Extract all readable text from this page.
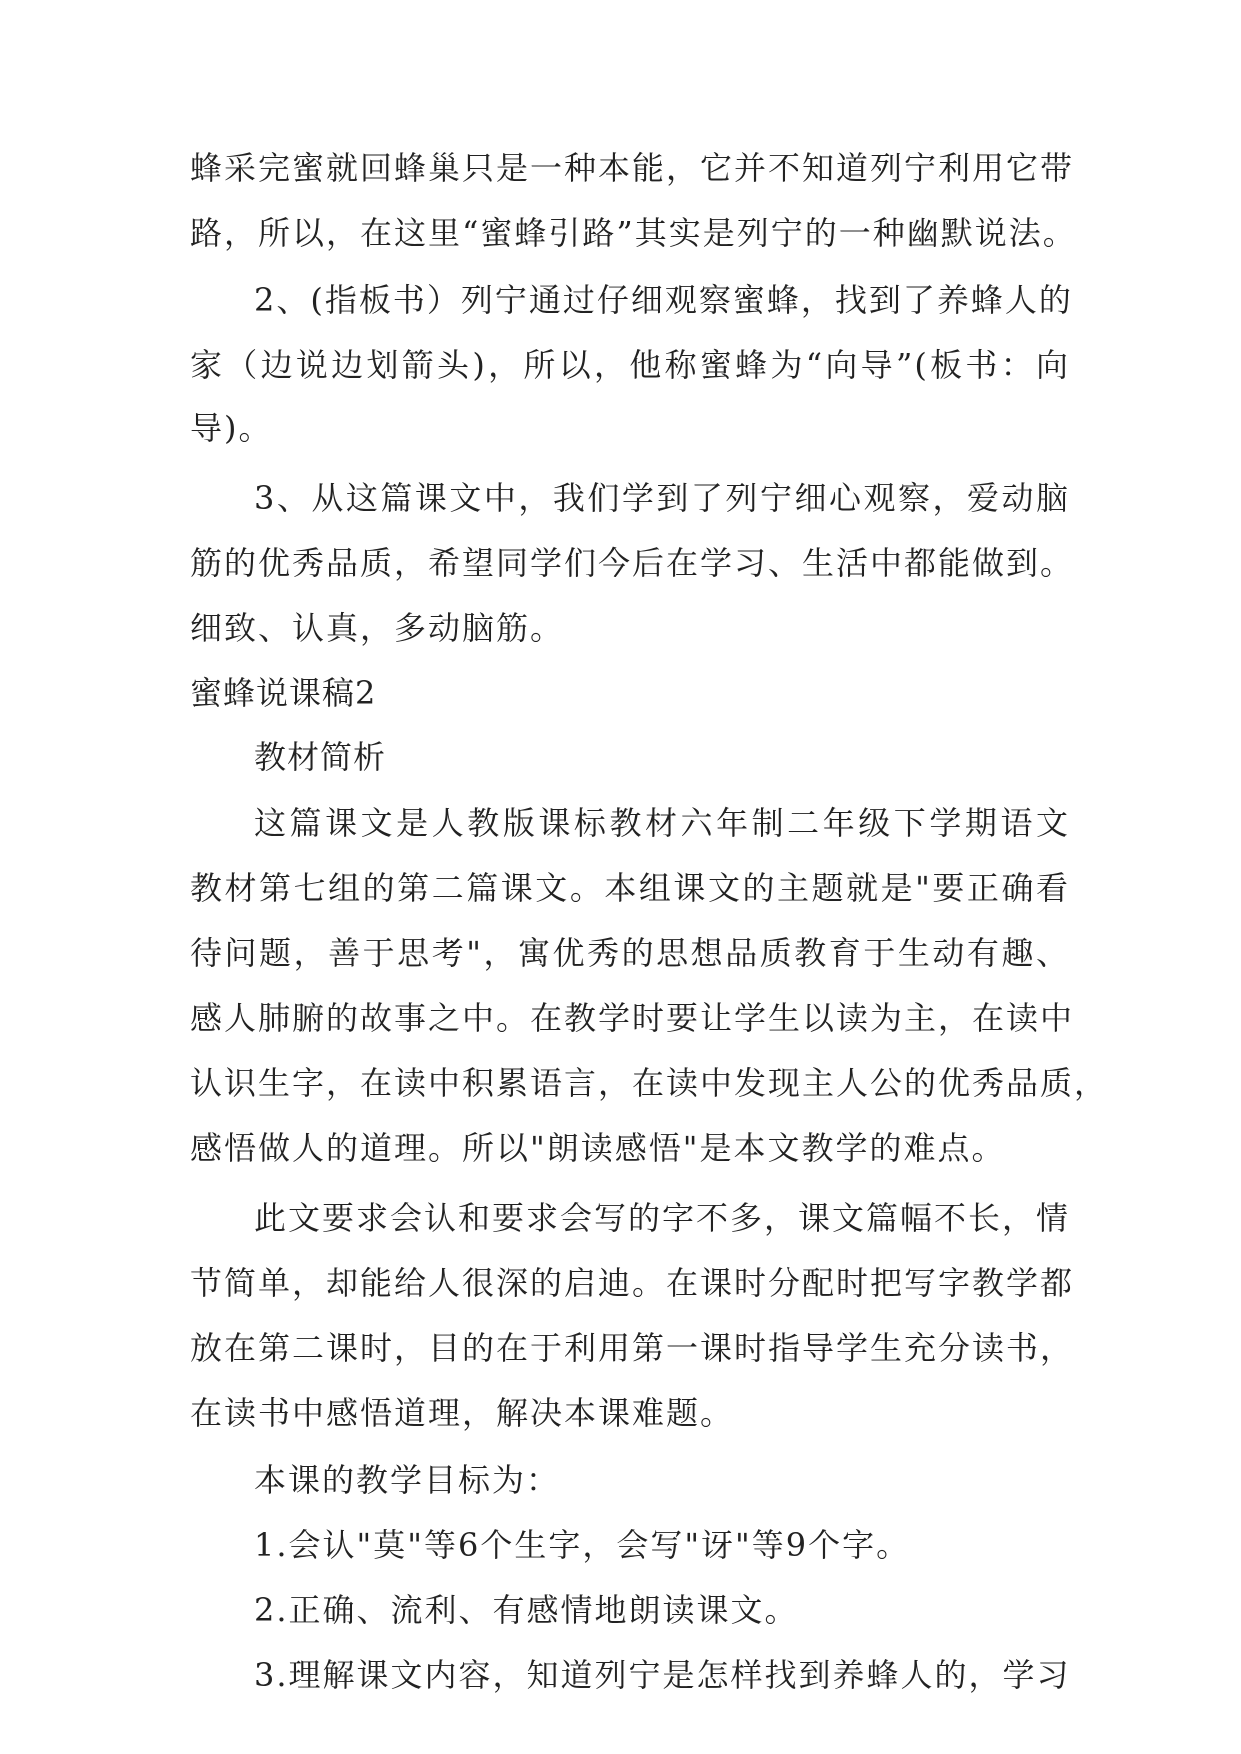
蜂采完蜜就回蜂巢只是一种本能，它并不知道列宁利用它带
路，所以，在这里“蜜蜂引路”其实是列宁的一种幽默说法。
2、(指板书）列宁通过仔细观察蜜蜂，找到了养蜂人的
家（边说边划箭头)，所以，他称蜜蜂为“向导”(板书：向
导)。
3、从这篇课文中，我们学到了列宁细心观察，爱动脑
筋的优秀品质，希望同学们今后在学习、生活中都能做到。
细致、认真，多动脑筋。
蜜蜂说课稿2
教材简析
这篇课文是人教版课标教材六年制二年级下学期语文
教材第七组的第二篇课文。本组课文的主题就是"要正确看
待问题，善于思考"，寓优秀的思想品质教育于生动有趣、
感人肺腑的故事之中。在教学时要让学生以读为主，在读中
认识生字，在读中积累语言，在读中发现主人公的优秀品质，
感悟做人的道理。所以"朗读感悟"是本文教学的难点。
此文要求会认和要求会写的字不多，课文篇幅不长，情
节简单，却能给人很深的启迪。在课时分配时把写字教学都
放在第二课时，目的在于利用第一课时指导学生充分读书，
在读书中感悟道理，解决本课难题。
本课的教学目标为：
1.会认"莫"等6个生字，会写"讶"等9个字。
2.正确、流利、有感情地朗读课文。
3.理解课文内容，知道列宁是怎样找到养蜂人的，学习
